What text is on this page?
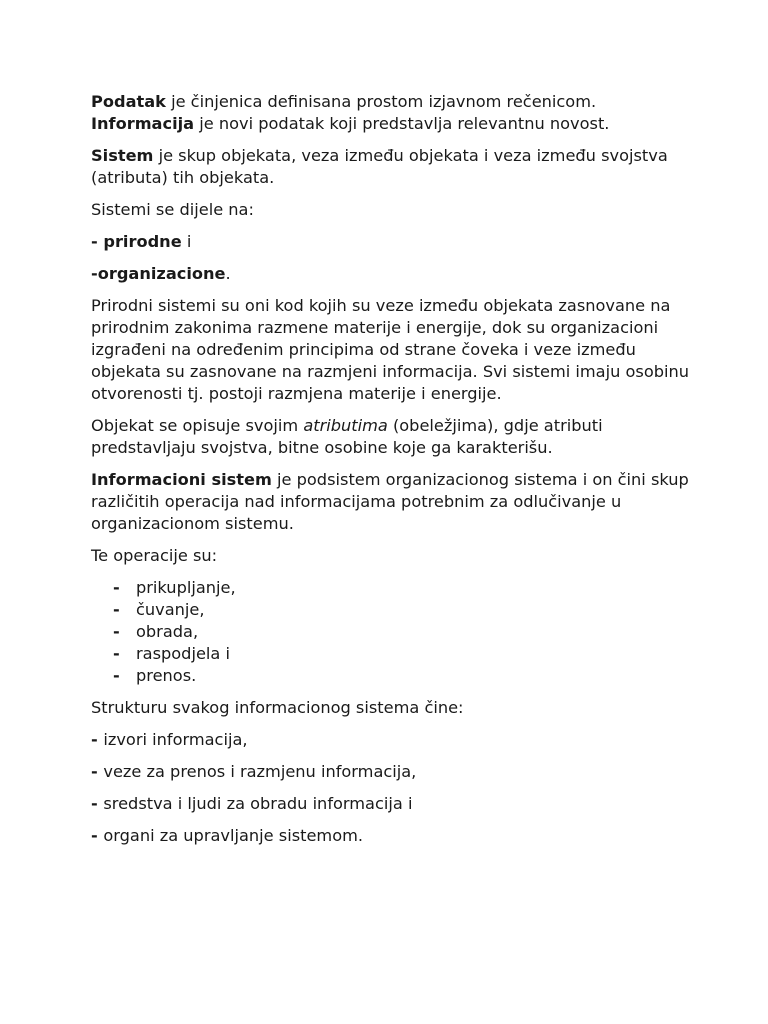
Podatak je činjenica definisana prostom izjavnom rečenicom.
Informacija je novi podatak koji predstavlja relevantnu novost.

Sistem je skup objekata, veza između objekata i veza između svojstva (atributa) tih objekata.

Sistemi se dijele na:

- prirodne i

-organizacione.

Prirodni sistemi su oni kod kojih su veze između objekata zasnovane na prirodnim zakonima razmene materije i energije, dok su organizacioni izgrađeni na određenim principima od strane čoveka i veze između objekata su zasnovane na razmjeni informacija. Svi sistemi imaju osobinu otvorenosti tj. postoji razmjena materije i energije.

Objekat se opisuje svojim atributima (obeležjima), gdje atributi predstavljaju svojstva, bitne osobine koje ga karakterišu.

Informacioni sistem je podsistem organizacionog sistema i on čini skup različitih operacija nad informacijama potrebnim za odlučivanje u organizacionom sistemu.

Te operacije su:

- prikupljanje,
- čuvanje,
- obrada,
- raspodjela i
- prenos.

Strukturu svakog informacionog sistema čine:

- izvori informacija,

- veze za prenos i razmjenu informacija,

- sredstva i ljudi za obradu informacija i

- organi za upravljanje sistemom.
